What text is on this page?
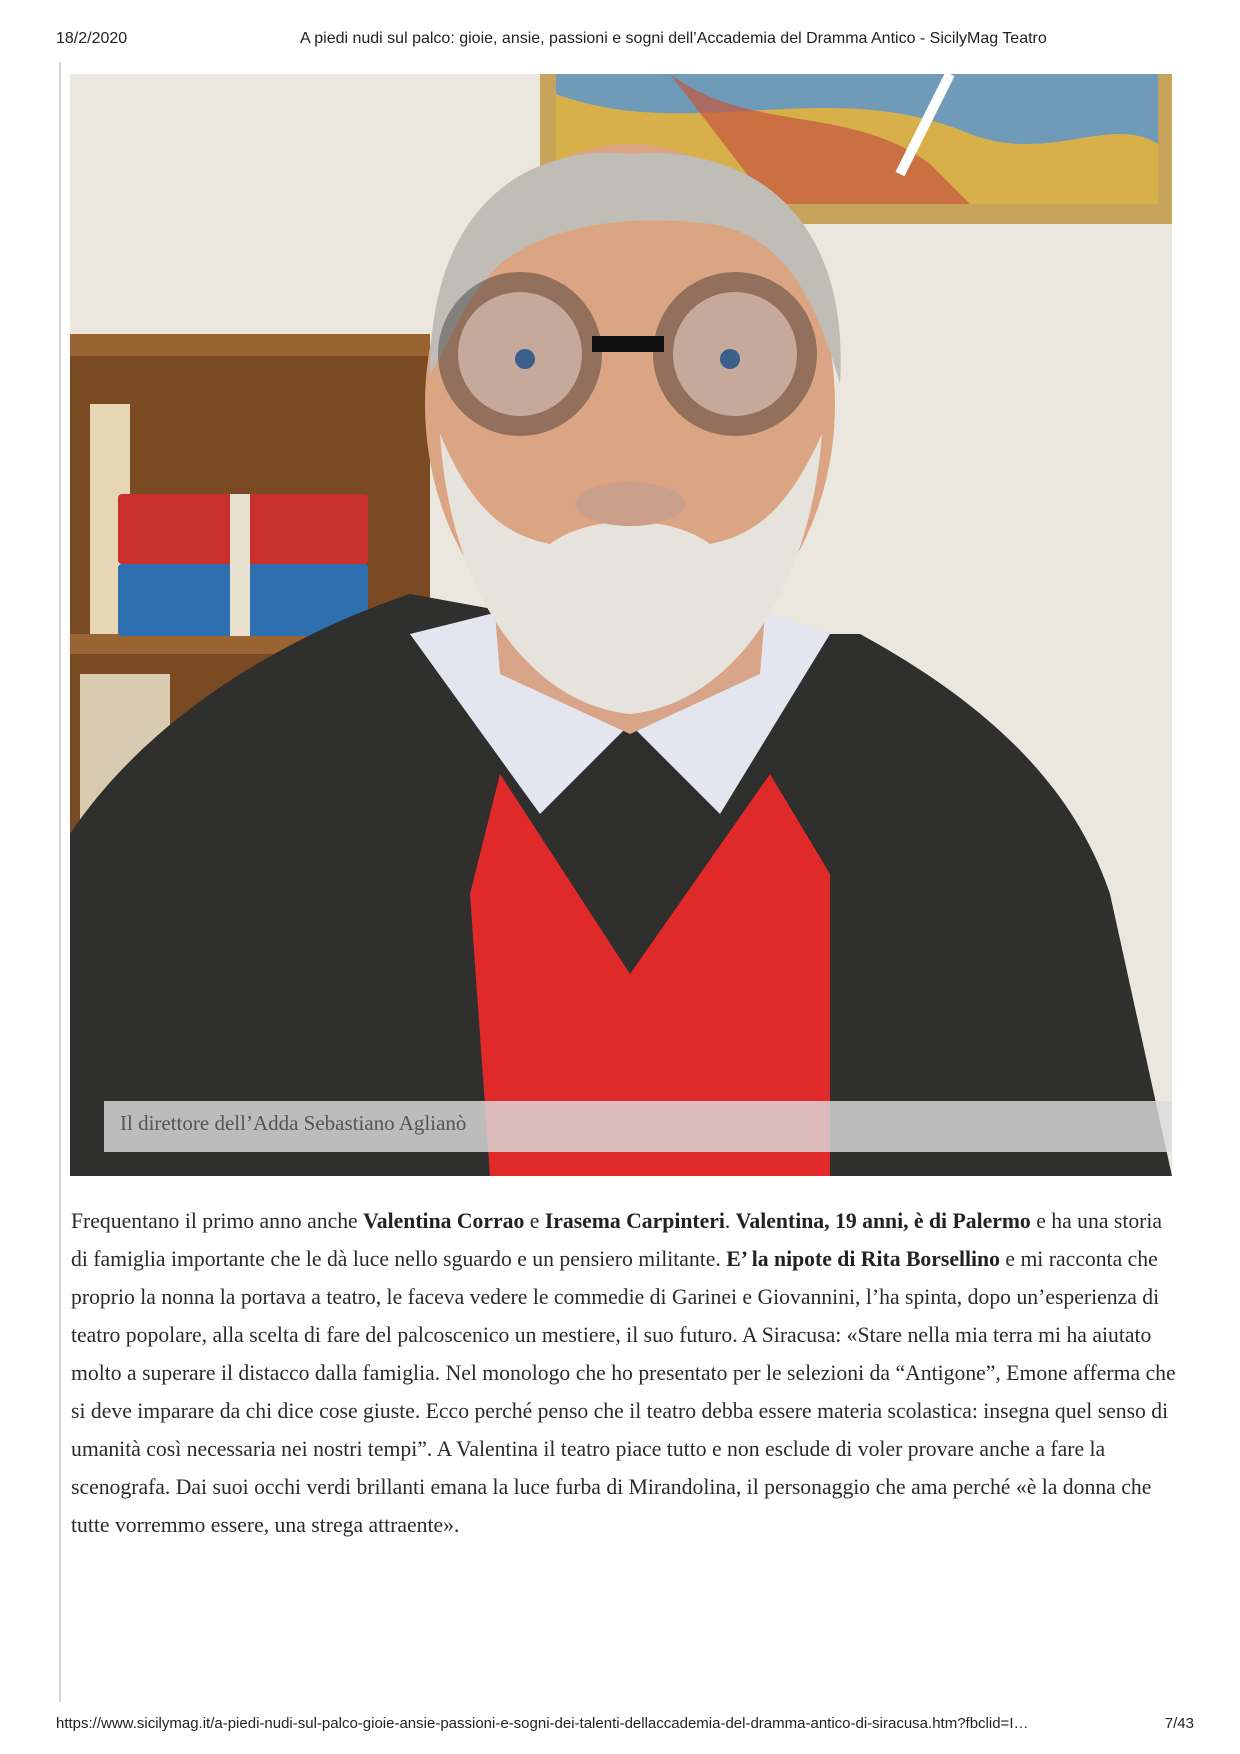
18/2/2020	A piedi nudi sul palco: gioie, ansie, passioni e sogni dell’Accademia del Dramma Antico - SicilyMag Teatro
Il direttore dell’Adda Sebastiano Aglianò

Frequentano il primo anno anche Valentina Corrao e Irasema Carpinteri. Valentina, 19 anni, è di Palermo e ha una storia di famiglia importante che le dà luce nello sguardo e un pensiero militante. E’ la nipote di Rita Borsellino e mi racconta che proprio la nonna la portava a teatro, le faceva vedere le commedie di Garinei e Giovannini, l’ha spinta, dopo un’esperienza di teatro popolare, alla scelta di fare del palcoscenico un mestiere, il suo futuro. A Siracusa: «Stare nella mia terra mi ha aiutato molto a superare il distacco dalla famiglia. Nel monologo che ho presentato per le selezioni da “Antigone”, Emone afferma che si deve imparare da chi dice cose giuste. Ecco perché penso che il teatro debba essere materia scolastica: insegna quel senso di umanità così necessaria nei nostri tempi”. A Valentina il teatro piace tutto e non esclude di voler provare anche a fare la scenografa. Dai suoi occhi verdi brillanti emana la luce furba di Mirandolina, il personaggio che ama perché «è la donna che tutte vorremmo essere, una strega attraente».

https://www.sicilymag.it/a-piedi-nudi-sul-palco-gioie-ansie-passioni-e-sogni-dei-talenti-dellaccademia-del-dramma-antico-di-siracusa.htm?fbclid=I…	7/43
